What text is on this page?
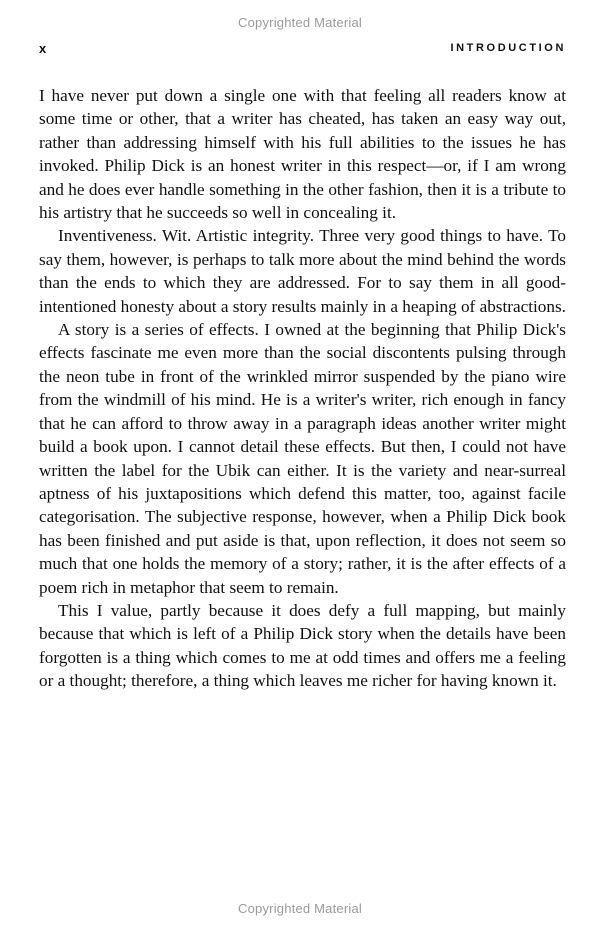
Copyrighted Material
x	INTRODUCTION

I have never put down a single one with that feeling all readers know at some time or other, that a writer has cheated, has taken an easy way out, rather than addressing himself with his full abilities to the issues he has invoked. Philip Dick is an honest writer in this respect—or, if I am wrong and he does ever handle something in the other fashion, then it is a tribute to his artistry that he succeeds so well in concealing it.

Inventiveness. Wit. Artistic integrity. Three very good things to have. To say them, however, is perhaps to talk more about the mind behind the words than the ends to which they are addressed. For to say them in all good-intentioned honesty about a story results mainly in a heaping of abstractions.

A story is a series of effects. I owned at the beginning that Philip Dick's effects fascinate me even more than the social discontents pulsing through the neon tube in front of the wrinkled mirror suspended by the piano wire from the windmill of his mind. He is a writer's writer, rich enough in fancy that he can afford to throw away in a paragraph ideas another writer might build a book upon. I cannot detail these effects. But then, I could not have written the label for the Ubik can either. It is the variety and near-surreal aptness of his juxtapositions which defend this matter, too, against facile categorisation. The subjective response, however, when a Philip Dick book has been finished and put aside is that, upon reflection, it does not seem so much that one holds the memory of a story; rather, it is the after effects of a poem rich in metaphor that seem to remain.

This I value, partly because it does defy a full mapping, but mainly because that which is left of a Philip Dick story when the details have been forgotten is a thing which comes to me at odd times and offers me a feeling or a thought; therefore, a thing which leaves me richer for having known it.

Copyrighted Material
